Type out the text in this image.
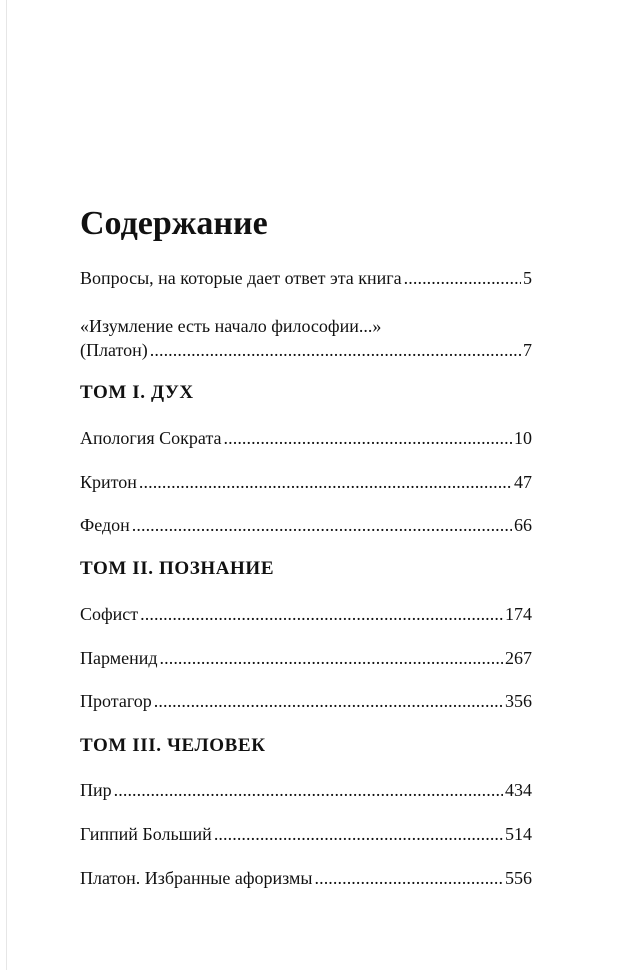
Содержание
Вопросы, на которые дает ответ эта книга . . .	5
«Изумление есть начало философии...»
(Платон) . . .	7
ТОМ I. ДУХ
Апология Сократа . . .	10
Критон . . .	47
Федон . . .	66
ТОМ II. ПОЗНАНИЕ
Софист . . .	174
Парменид . . .	267
Протагор . . .	356
ТОМ III. ЧЕЛОВЕК
Пир . . .	434
Гиппий Больший . . .	514
Платон. Избранные афоризмы . . .	556
